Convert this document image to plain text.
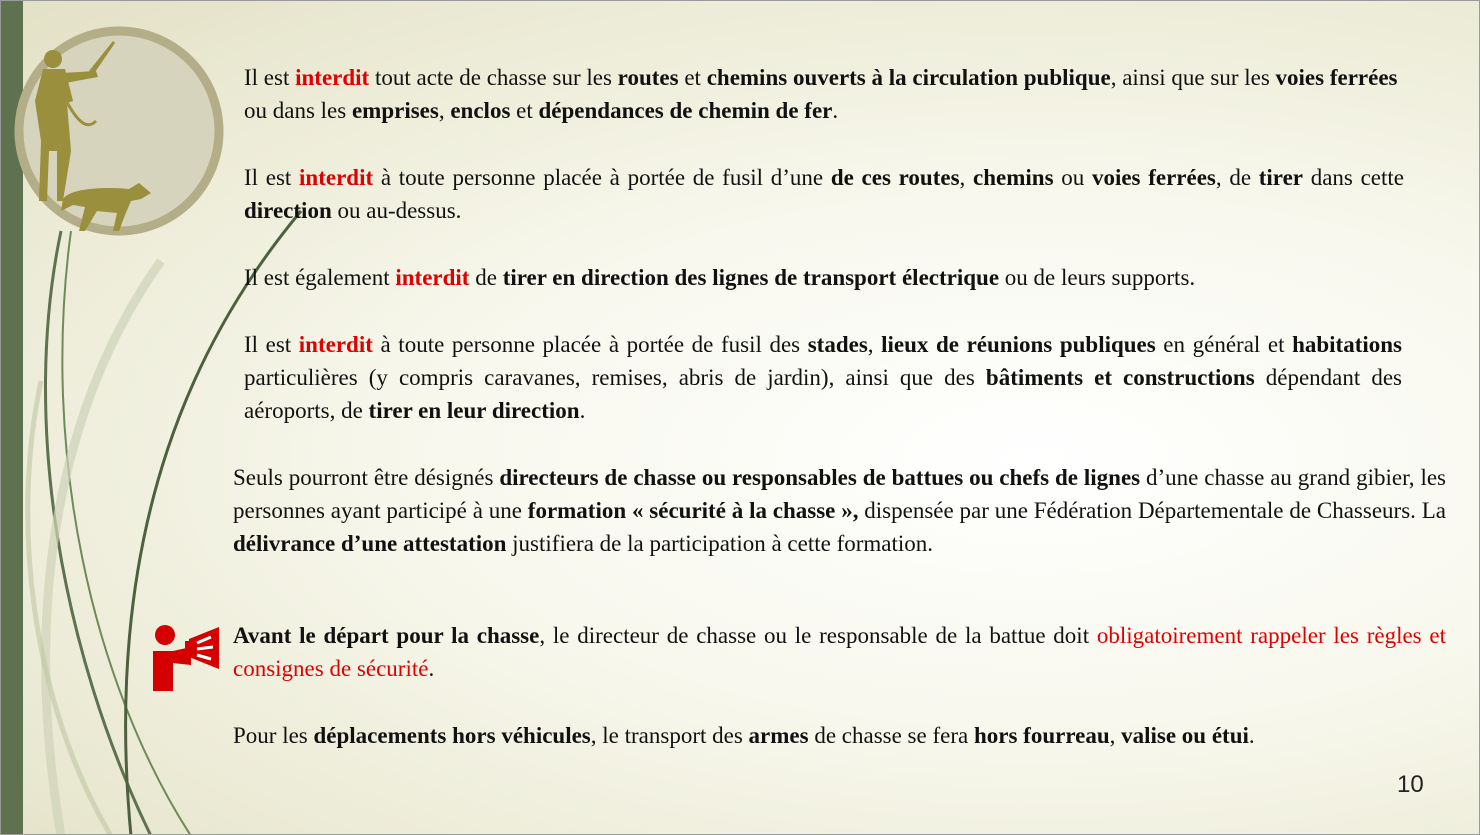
Il est interdit tout acte de chasse sur les routes et chemins ouverts à la circulation publique, ainsi que sur les voies ferrées ou dans les emprises, enclos et dépendances de chemin de fer.

Il est interdit à toute personne placée à portée de fusil d’une de ces routes, chemins ou voies ferrées, de tirer dans cette direction ou au-dessus.

Il est également interdit de tirer en direction des lignes de transport électrique ou de leurs supports.

Il est interdit à toute personne placée à portée de fusil des stades, lieux de réunions publiques en général et habitations particulières (y compris caravanes, remises, abris de jardin), ainsi que des bâtiments et constructions dépendant des aéroports, de tirer en leur direction.

Seuls pourront être désignés directeurs de chasse ou responsables de battues ou chefs de lignes d’une chasse au grand gibier, les personnes ayant participé à une formation « sécurité à la chasse », dispensée par une Fédération Départementale de Chasseurs. La délivrance d’une attestation justifiera de la participation à cette formation.

Avant le départ pour la chasse, le directeur de chasse ou le responsable de la battue doit obligatoirement rappeler les règles et consignes de sécurité.

Pour les déplacements hors véhicules, le transport des armes de chasse se fera hors fourreau, valise ou étui.

10
